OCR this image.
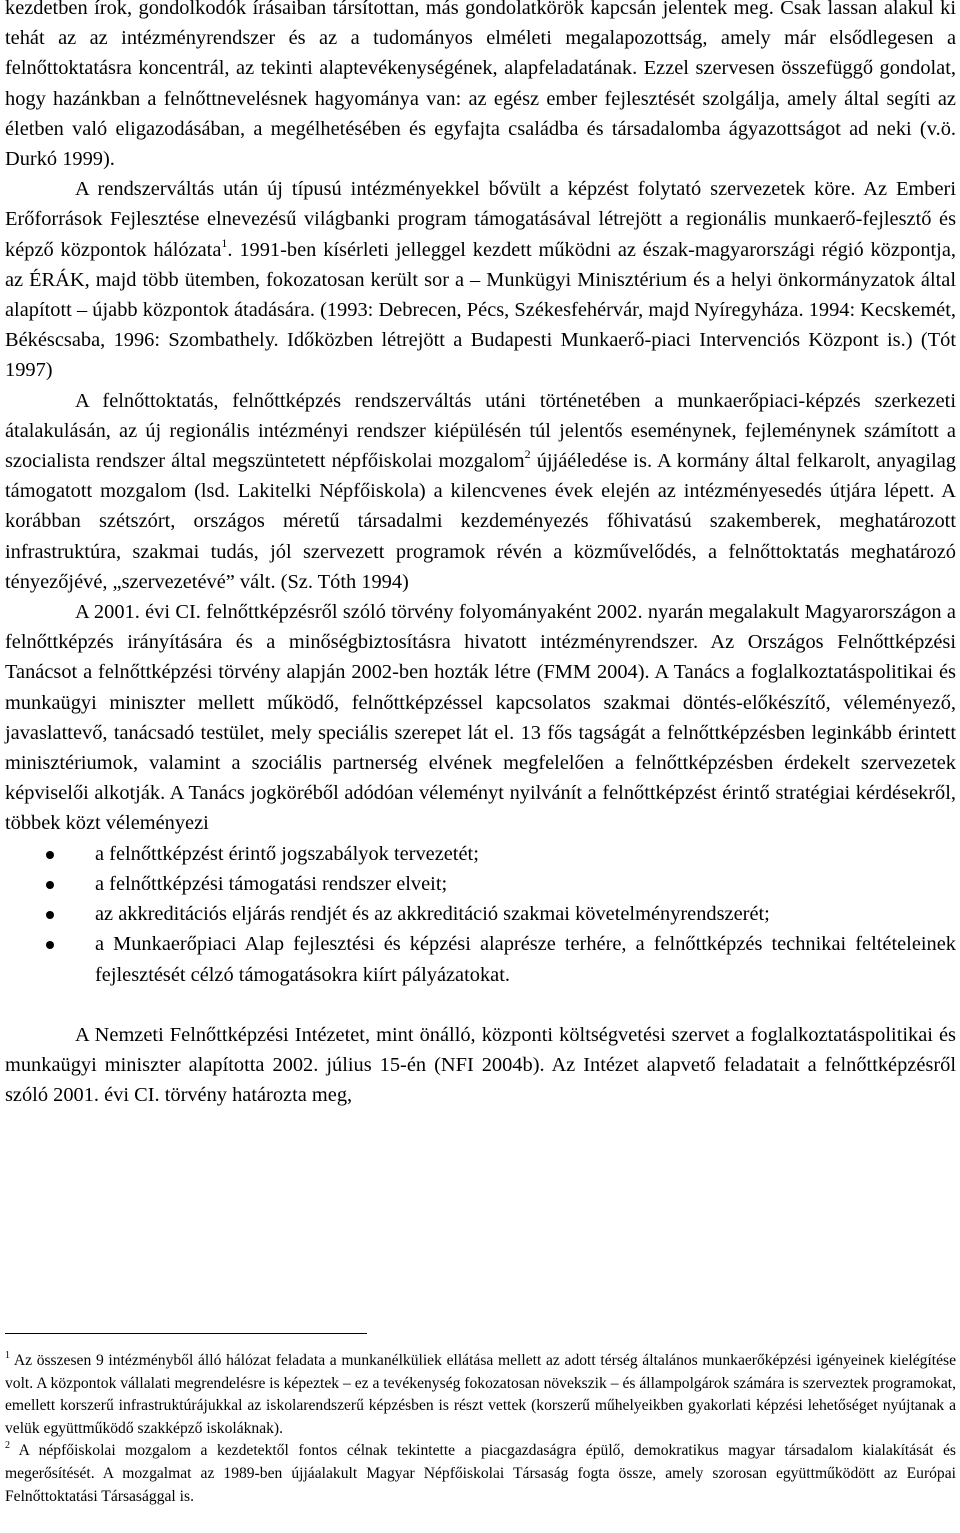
kezdetben írok, gondolkodók írásaiban társítottan, más gondolatkörök kapcsán jelentek meg. Csak lassan alakul ki tehát az az intézményrendszer és az a tudományos elméleti megalapozottság, amely már elsődlegesen a felnőttoktatásra koncentrál, az tekinti alaptevékenységének, alapfeladatának. Ezzel szervesen összefüggő gondolat, hogy hazánkban a felnőttnevelésnek hagyománya van: az egész ember fejlesztését szolgálja, amely által segíti az életben való eligazodásában, a megélhetésében és egyfajta családba és társadalomba ágyazottságot ad neki (v.ö. Durkó 1999).

A rendszerváltás után új típusú intézményekkel bővült a képzést folytató szervezetek köre. Az Emberi Erőforrások Fejlesztése elnevezésű világbanki program támogatásával létrejött a regionális munkaerő-fejlesztő és képző központok hálózata$^1$. 1991-ben kísérleti jelleggel kezdett működni az észak-magyarországi régió központja, az ÉRÁK, majd több ütemben, fokozatosan került sor a – Munkügyi Minisztérium és a helyi önkormányzatok által alapított – újabb központok átadására. (1993: Debrecen, Pécs, Székesfehérvár, majd Nyíregyháza. 1994: Kecskemét, Békéscsaba, 1996: Szombathely. Időközben létrejött a Budapesti Munkaerő-piaci Intervenciós Központ is.) (Tót 1997)

A felnőttoktatás, felnőttképzés rendszerváltás utáni történetében a munkaerőpiaci-képzés szerkezeti átalakulásán, az új regionális intézményi rendszer kiépülésén túl jelentős eseménynek, fejleménynek számított a szocialista rendszer által megszüntetett népfőiskolai mozgalom$^2$ újjáéledése is. A kormány által felkarolt, anyagilag támogatott mozgalom (lsd. Lakitelki Népfőiskola) a kilencvenes évek elején az intézményesedés útjára lépett. A korábban szétszórt, országos méretű társadalmi kezdeményezés főhivatású szakemberek, meghatározott infrastruktúra, szakmai tudás, jól szervezett programok révén a közművelődés, a felnőttoktatás meghatározó tényezőjévé, „szervezetévé” vált. (Sz. Tóth 1994)

A 2001. évi CI. felnőttképzésről szóló törvény folyományaként 2002. nyarán megalakult Magyarországon a felnőttképzés irányítására és a minőségbiztosításra hivatott intézményrendszer. Az Országos Felnőttképzési Tanácsot a felnőttképzési törvény alapján 2002-ben hozták létre (FMM 2004). A Tanács a foglalkoztatáspolitikai és munkaügyi miniszter mellett működő, felnőttképzéssel kapcsolatos szakmai döntés-előkészítő, véleményező, javaslattevő, tanácsadó testület, mely speciális szerepet lát el. 13 fős tagságát a felnőttképzésben leginkább érintett minisztériumok, valamint a szociális partnerség elvének megfelelően a felnőttképzésben érdekelt szervezetek képviselői alkotják. A Tanács jogköréből adódóan véleményt nyilvánít a felnőttképzést érintő stratégiai kérdésekről, többek közt véleményezi

a felnőttképzést érintő jogszabályok tervezetét;
a felnőttképzési támogatási rendszer elveit;
az akkreditációs eljárás rendjét és az akkreditáció szakmai követelményrendszerét;
a Munkaerőpiaci Alap fejlesztési és képzési alaprésze terhére, a felnőttképzés technikai feltételeinek fejlesztését célzó támogatásokra kiírt pályázatokat.

A Nemzeti Felnőttképzési Intézetet, mint önálló, központi költségvetési szervet a foglalkoztatáspolitikai és munkaügyi miniszter alapította 2002. július 15-én (NFI 2004b). Az Intézet alapvető feladatait a felnőttképzésről szóló 2001. évi CI. törvény határozta meg,

$^1$ Az összesen 9 intézményből álló hálózat feladata a munkanélküliek ellátása mellett az adott térség általános munkaerőképzési igényeinek kielégítése volt. A központok vállalati megrendelésre is képeztek – ez a tevékenység fokozatosan növekszik – és állampolgárok számára is szerveztek programokat, emellett korszerű infrastruktúrájukkal az iskolarendszerű képzésben is részt vettek (korszerű műhelyeikben gyakorlati képzési lehetőséget nyújtanak a velük együttműködő szakképző iskoláknak).

$^2$ A népfőiskolai mozgalom a kezdetektől fontos célnak tekintette a piacgazdaságra épülő, demokratikus magyar társadalom kialakítását és megerősítését. A mozgalmat az 1989-ben újjáalakult Magyar Népfőiskolai Társaság fogta össze, amely szorosan együttműködött az Európai Felnőttoktatási Társasággal is.
